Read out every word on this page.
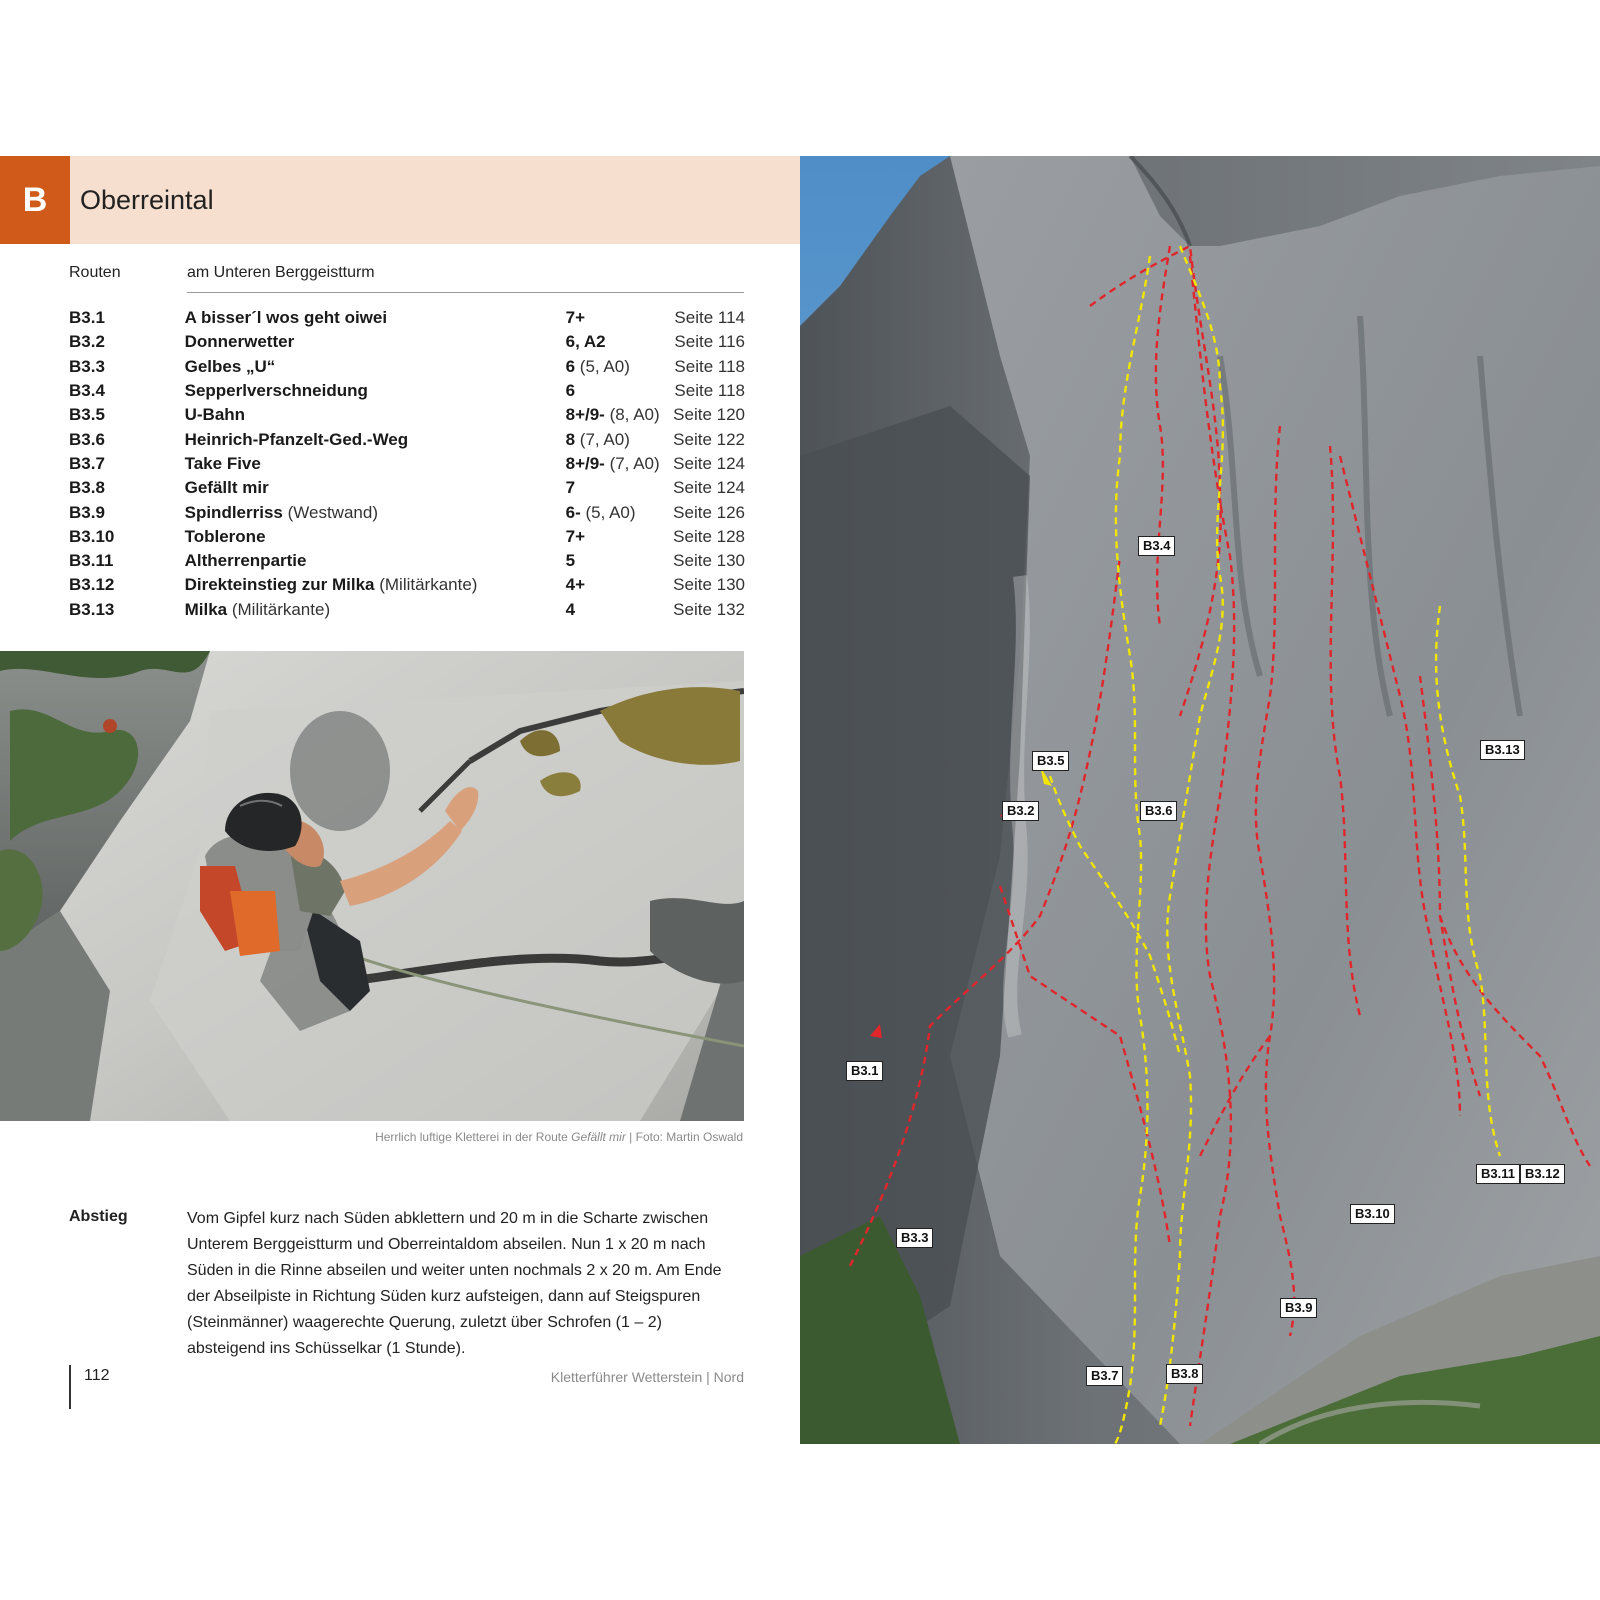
B	Oberreintal
Routen	am Unteren Berggeistturm
B3.1	A bisser´l wos geht oiwei	7+	Seite 114
B3.2	Donnerwetter	6, A2	Seite 116
B3.3	Gelbes „U“	6 (5, A0)	Seite 118
B3.4	Sepperlverschneidung	6	Seite 118
B3.5	U-Bahn	8+/9- (8, A0)	Seite 120
B3.6	Heinrich-Pfanzelt-Ged.-Weg	8 (7, A0)	Seite 122
B3.7	Take Five	8+/9- (7, A0)	Seite 124
B3.8	Gefällt mir	7	Seite 124
B3.9	Spindlerriss (Westwand)	6- (5, A0)	Seite 126
B3.10	Toblerone	7+	Seite 128
B3.11	Altherrenpartie	5	Seite 130
B3.12	Direkteinstieg zur Milka (Militärkante)	4+	Seite 130
B3.13	Milka (Militärkante)	4	Seite 132
Herrlich luftige Kletterei in der Route Gefällt mir | Foto: Martin Oswald
Abstieg	Vom Gipfel kurz nach Süden abklettern und 20 m in die Scharte zwischen Unterem Berggeistturm und Oberreintaldom abseilen. Nun 1 x 20 m nach Süden in die Rinne abseilen und weiter unten nochmals 2 x 20 m. Am Ende der Abseilpiste in Richtung Süden kurz aufsteigen, dann auf Steigspuren (Steinmänner) waagerechte Querung, zuletzt über Schrofen (1 – 2) absteigend ins Schüsselkar (1 Stunde).

112	Kletterführer Wetterstein | Nord
B3.1
B3.2
B3.3
B3.4
B3.5
B3.6
B3.7	B3.8
B3.9
B3.10
B3.11 B3.12
B3.13
